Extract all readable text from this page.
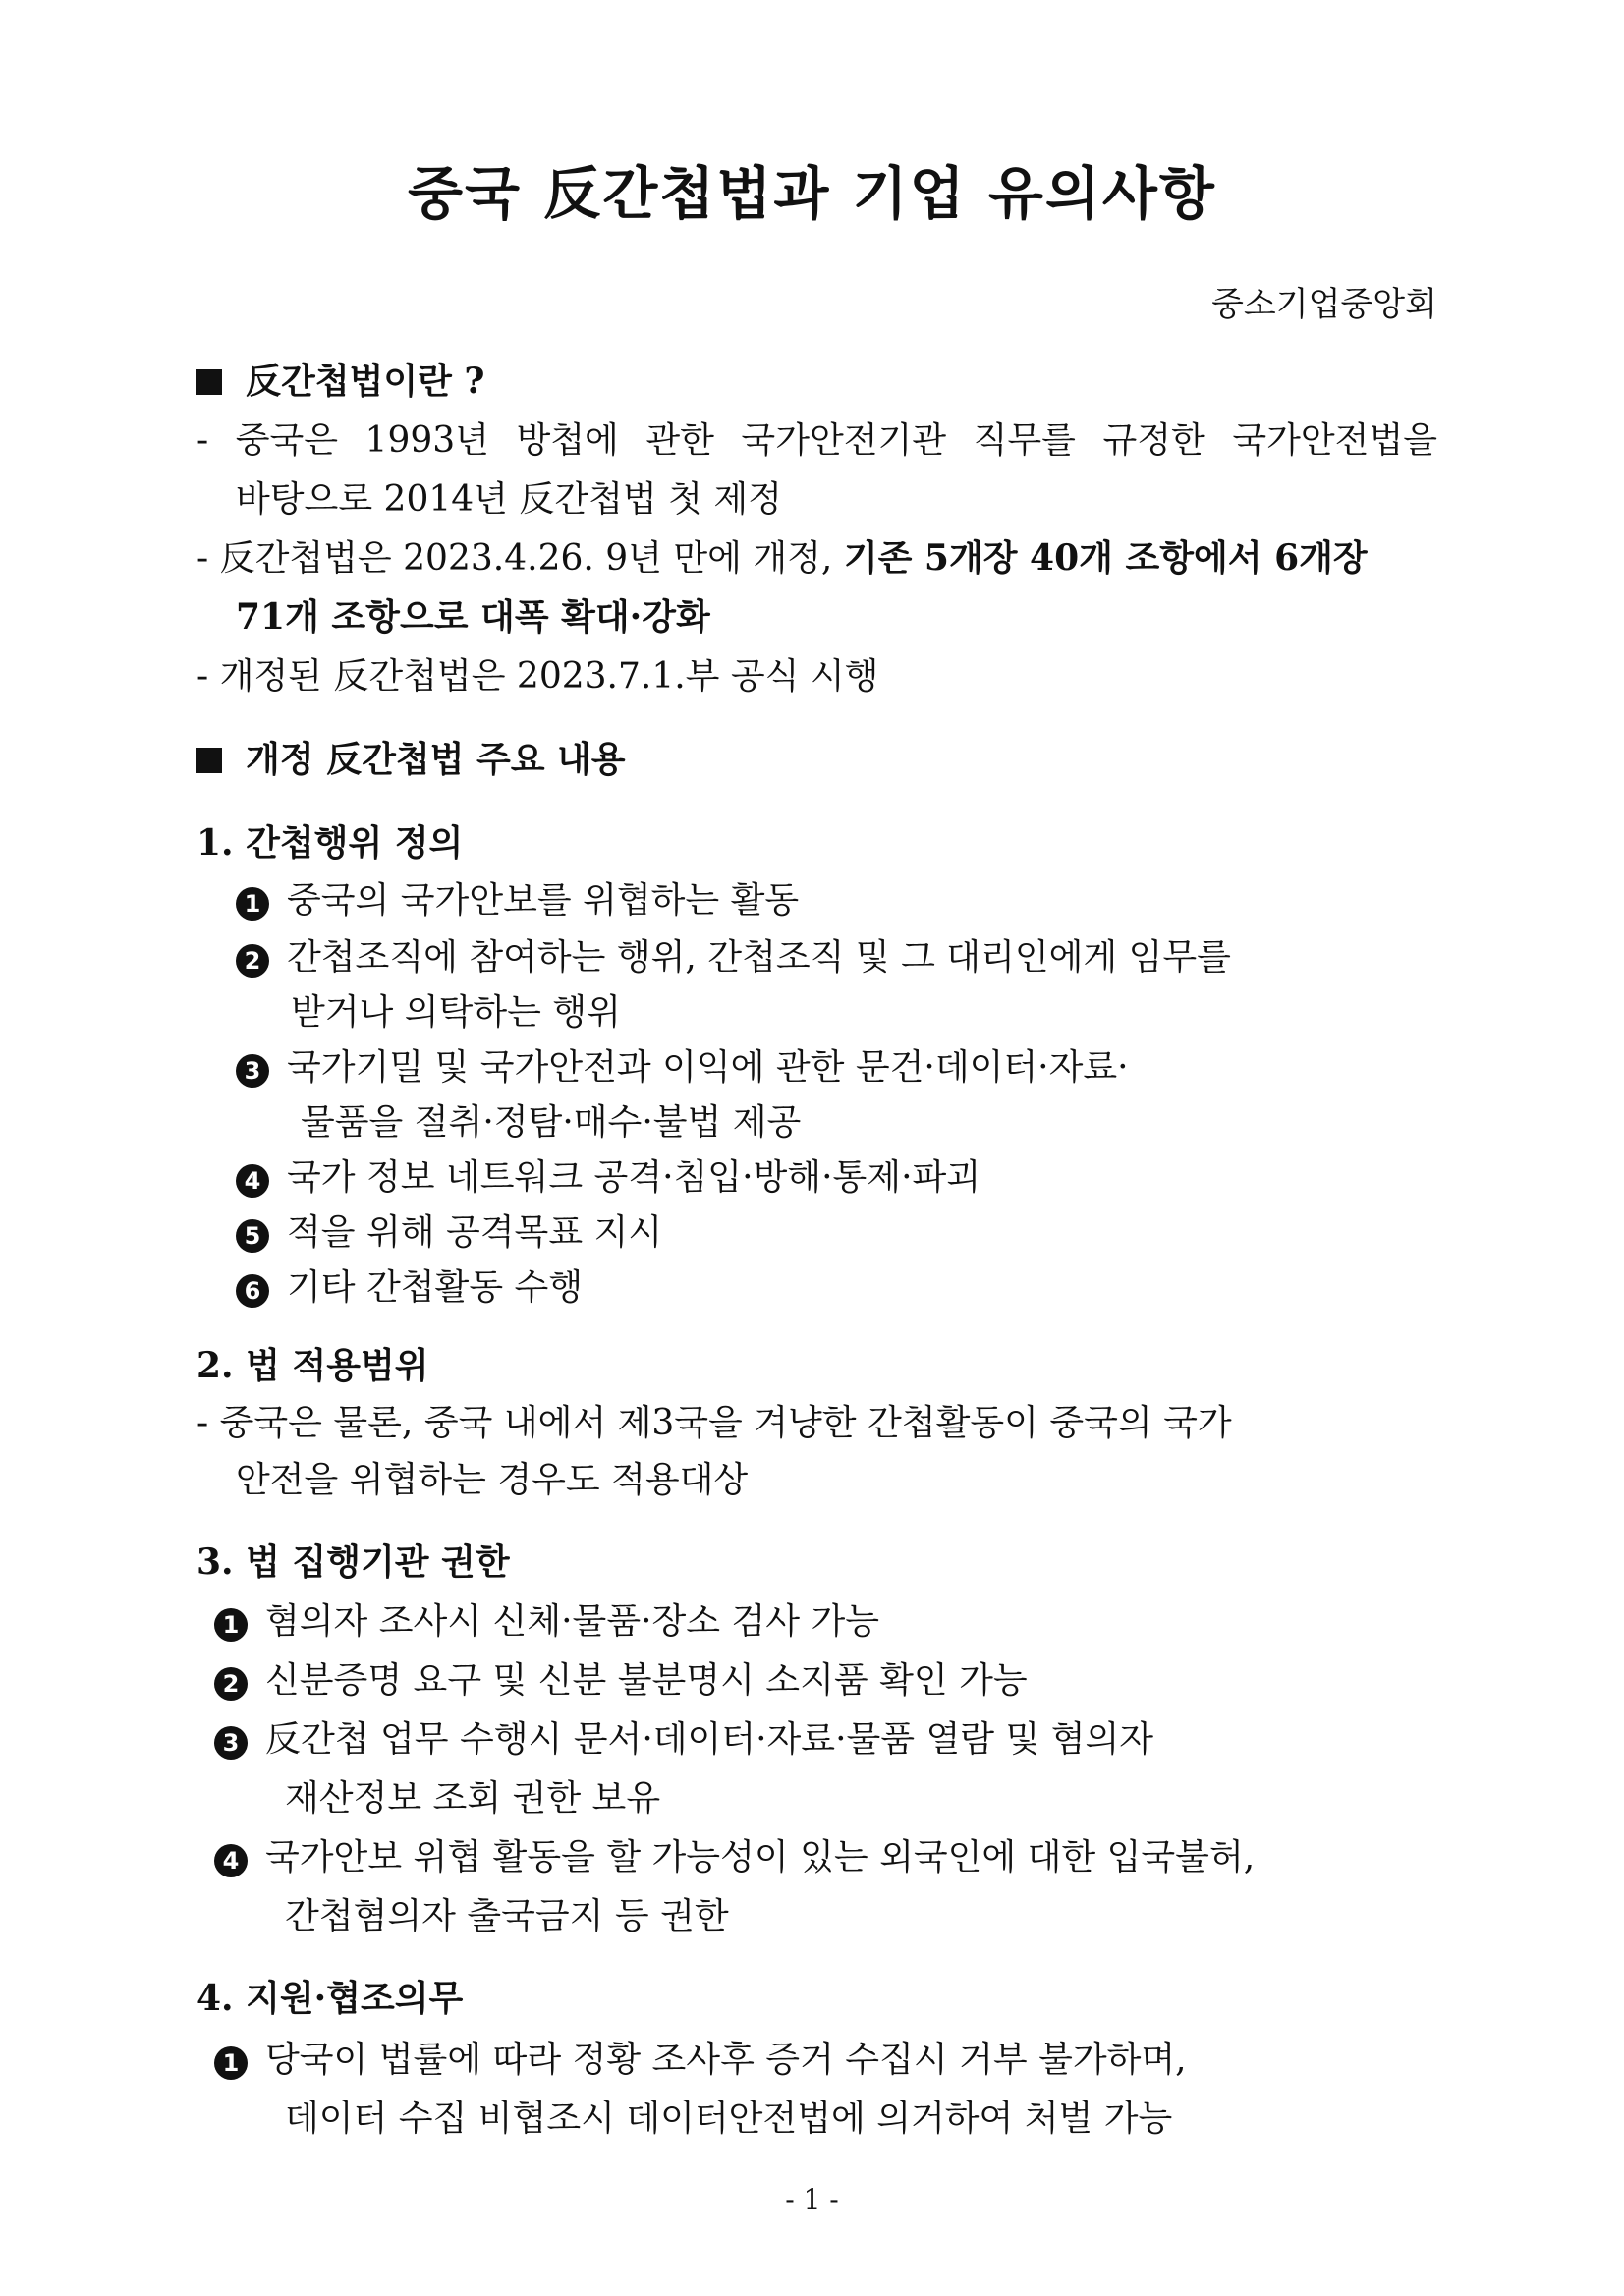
중국 反간첩법과 기업 유의사항
중소기업중앙회
反간첩법이란 ?
- 중국은 1993년 방첩에 관한 국가안전기관 직무를 규정한 국가안전법을
바탕으로 2014년 反간첩법 첫 제정
- 反간첩법은 2023.4.26. 9년 만에 개정, 기존 5개장 40개 조항에서 6개장
71개 조항으로 대폭 확대·강화
- 개정된 反간첩법은 2023.7.1.부 공식 시행
개정 反간첩법 주요 내용
1. 간첩행위 정의
1 중국의 국가안보를 위협하는 활동
2 간첩조직에 참여하는 행위, 간첩조직 및 그 대리인에게 임무를
받거나 의탁하는 행위
3 국가기밀 및 국가안전과 이익에 관한 문건·데이터·자료·
물품을 절취·정탐·매수·불법 제공
4 국가 정보 네트워크 공격·침입·방해·통제·파괴
5 적을 위해 공격목표 지시
6 기타 간첩활동 수행
2. 법 적용범위
- 중국은 물론, 중국 내에서 제3국을 겨냥한 간첩활동이 중국의 국가
안전을 위협하는 경우도 적용대상
3. 법 집행기관 권한
1 혐의자 조사시 신체·물품·장소 검사 가능
2 신분증명 요구 및 신분 불분명시 소지품 확인 가능
3 反간첩 업무 수행시 문서·데이터·자료·물품 열람 및 혐의자
재산정보 조회 권한 보유
4 국가안보 위협 활동을 할 가능성이 있는 외국인에 대한 입국불허,
간첩혐의자 출국금지 등 권한
4. 지원·협조의무
1 당국이 법률에 따라 정황 조사후 증거 수집시 거부 불가하며,
데이터 수집 비협조시 데이터안전법에 의거하여 처벌 가능
- 1 -
